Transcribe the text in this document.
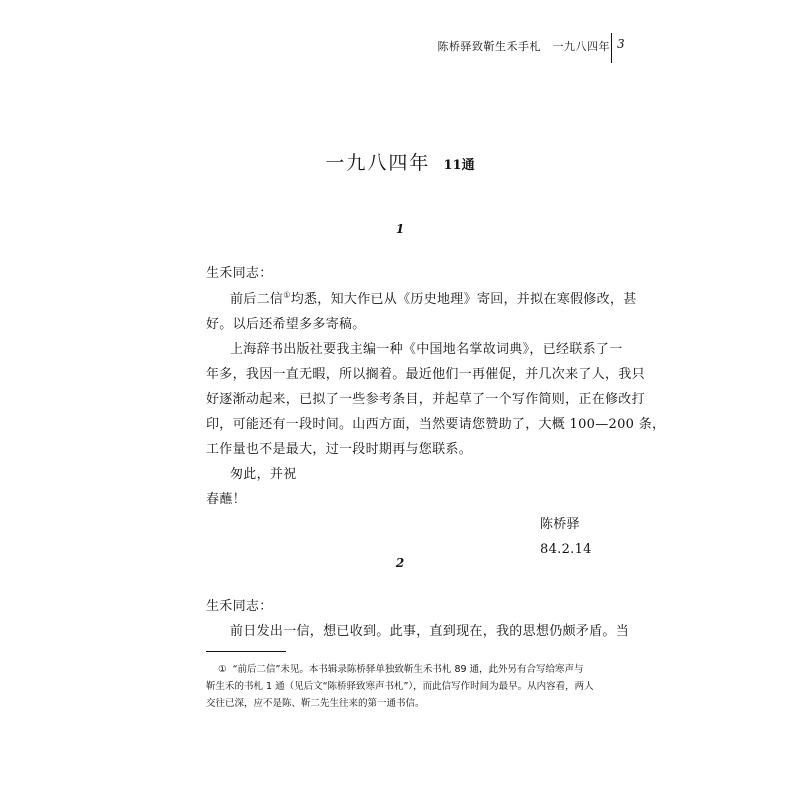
陈桥驿致靳生禾手札　一九八四年 3
一九八四年 11通
1
生禾同志：
前后二信①均悉，知大作已从《历史地理》寄回，并拟在寒假修改，甚
好。以后还希望多多寄稿。
上海辞书出版社要我主编一种《中国地名掌故词典》，已经联系了一
年多，我因一直无暇，所以搁着。最近他们一再催促，并几次来了人，我只
好逐渐动起来，已拟了一些参考条目，并起草了一个写作简则，正在修改打
印，可能还有一段时间。山西方面，当然要请您赞助了，大概 100—200 条，
工作量也不是最大，过一段时期再与您联系。
匆此，并祝
春蘸！
陈桥驿
84.2.14
2
生禾同志：
前日发出一信，想已收到。此事，直到现在，我的思想仍颇矛盾。当
① “前后二信”未见。本书辑录陈桥驿单独致靳生禾书札 89 通，此外另有合写给寒声与
靳生禾的书札 1 通（见后文“陈桥驿致寒声书札”），而此信写作时间为最早。从内容看，两人
交往已深，应不是陈、靳二先生往来的第一通书信。
